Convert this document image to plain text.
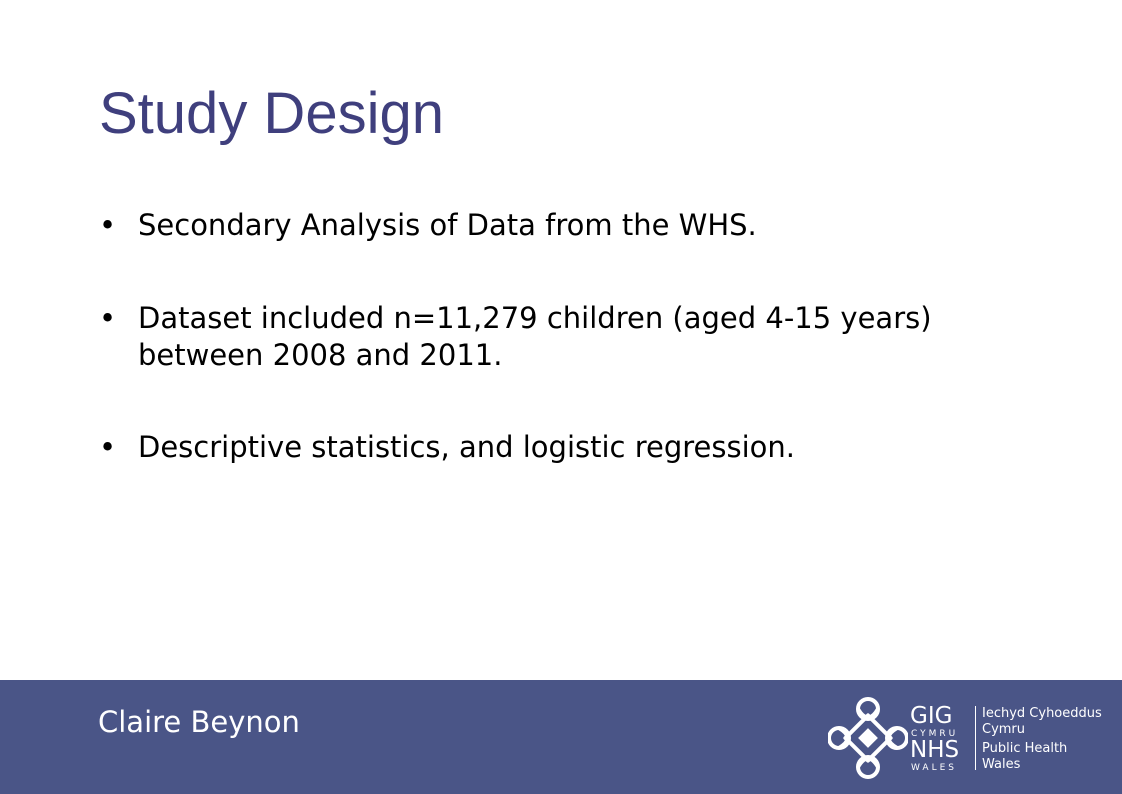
Study Design
• Secondary Analysis of Data from the WHS.
• Dataset included n=11,279 children (aged 4-15 years) between 2008 and 2011.
• Descriptive statistics, and logistic regression.
Claire Beynon	GIG
CYMRU
NHS
WALES
Iechyd Cyhoeddus
Cymru
Public Health
Wales
